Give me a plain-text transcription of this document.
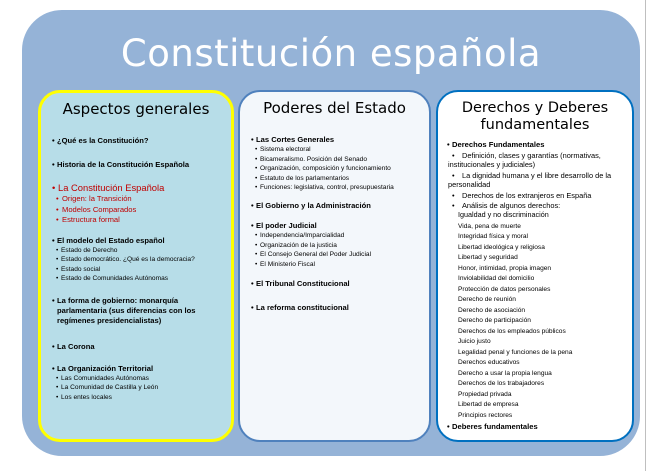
Constitución española
Aspectos generales
• ¿Qué es la Constitución?
• Historia de la Constitución Española
• La Constitución Española
• Origen: la Transición
• Modelos Comparados
• Estructura formal
• El modelo del Estado español
• Estado de Derecho
• Estado democrático. ¿Qué es la democracia?
• Estado social
• Estado de Comunidades Autónomas
• La forma de gobierno: monarquía parlamentaria (sus diferencias con los regímenes presidencialistas)
• La Corona
• La Organización Territorial
• Las Comunidades Autónomas
• La Comunidad de Castilla y León
• Los entes locales
Poderes del Estado
• Las Cortes Generales
• Sistema electoral
• Bicameralismo. Posición del Senado
• Organización, composición y funcionamiento
• Estatuto de los parlamentarios
• Funciones: legislativa, control, presupuestaria
• El Gobierno y la Administración
• El poder Judicial
• Independencia/Imparcialidad
• Organización de la justicia
• El Consejo General del Poder Judicial
• El Ministerio Fiscal
• El Tribunal Constitucional
• La reforma constitucional
Derechos y Deberes fundamentales
• Derechos Fundamentales
• Definición, clases y garantías (normativas, institucionales y judiciales)
• La dignidad humana y el libre desarrollo de la personalidad
• Derechos de los extranjeros en España
• Análisis de algunos derechos:
▪ Igualdad y no discriminación
▪ Vida, pena de muerte
▪ Integridad física y moral
▪ Libertad ideológica y religiosa
▪ Libertad y seguridad
▪ Honor, intimidad, propia imagen
▪ Inviolabilidad del domicilio
▪ Protección de datos personales
▪ Derecho de reunión
▪ Derecho de asociación
▪ Derecho de participación
▪ Derechos de los empleados públicos
▪ Juicio justo
▪ Legalidad penal y funciones de la pena
▪ Derechos educativos
▪ Derecho a usar la propia lengua
▪ Derechos de los trabajadores
▪ Propiedad privada
▪ Libertad de empresa
▪ Principios rectores
• Deberes fundamentales
